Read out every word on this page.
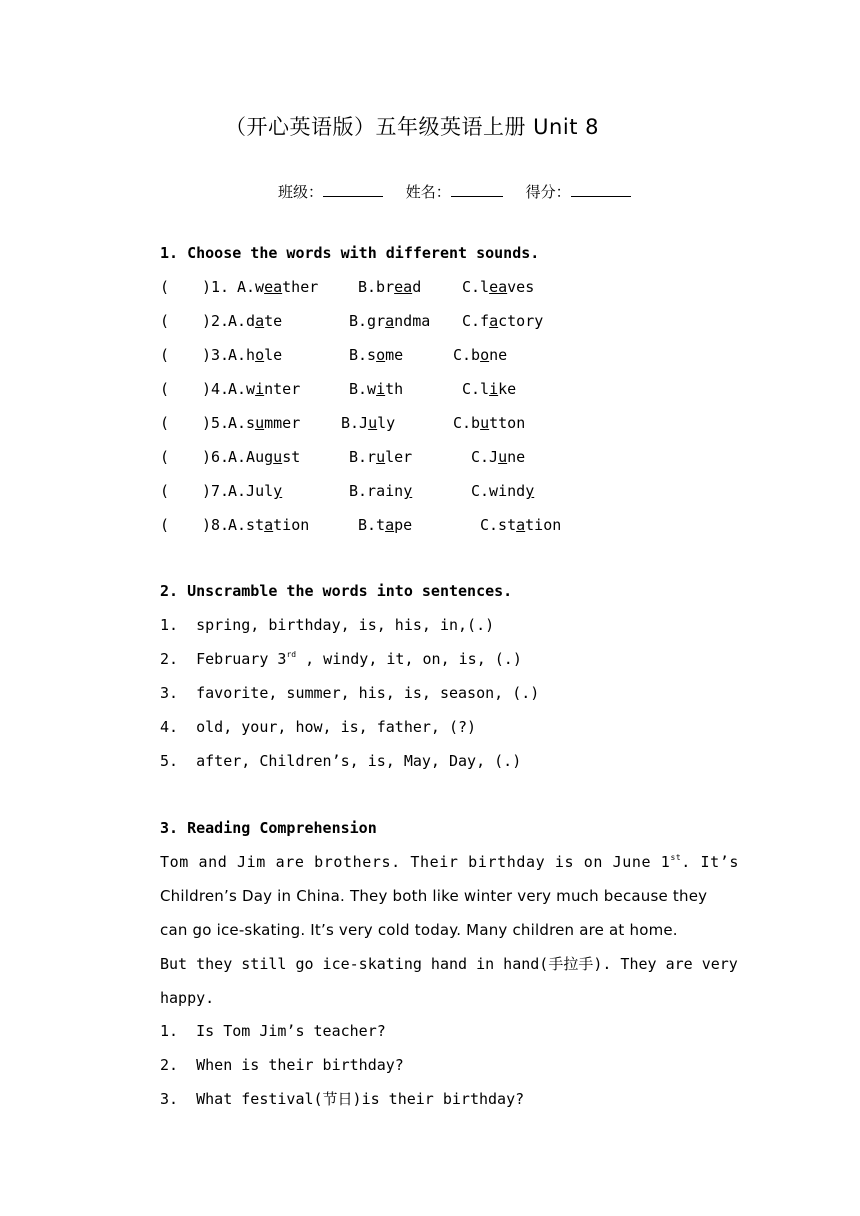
（开心英语版）五年级英语上册 Unit 8
班级：	姓名：	得分：
1. Choose the words with different sounds.
( )1. A.weather	B.bread	C.leaves
( )2.
A.date	B.grandma C.factory
( )3.
A.hole	B.some	C.bone
( )4.
A.winter	B.with	C.like
( )5.
A.summer	B.July	C.button
( )6.
A.August	B.ruler	C.June
( )7.
A.July	B.rainy	C.windy
( )8.
A.station	B.tape	C.station
2. Unscramble the words into sentences.
1. spring, birthday, is, his, in,(.)
2. February 3rd , windy, it, on, is, (.)
3. favorite, summer, his, is, season, (.)
4. old, your, how, is, father, (?)
5. after, Children’s, is, May, Day, (.)
3. Reading Comprehension
Tom and Jim are brothers. Their birthday is on June 1st. It’s
Children’s Day in China. They both like winter very much because they
can go ice-skating. It’s very cold today. Many children are at home.
But they still go ice-skating hand in hand(手拉手). They are very
happy.
1. Is Tom Jim’s teacher?
2. When is their birthday?
3. What festival(节日)is their birthday?
